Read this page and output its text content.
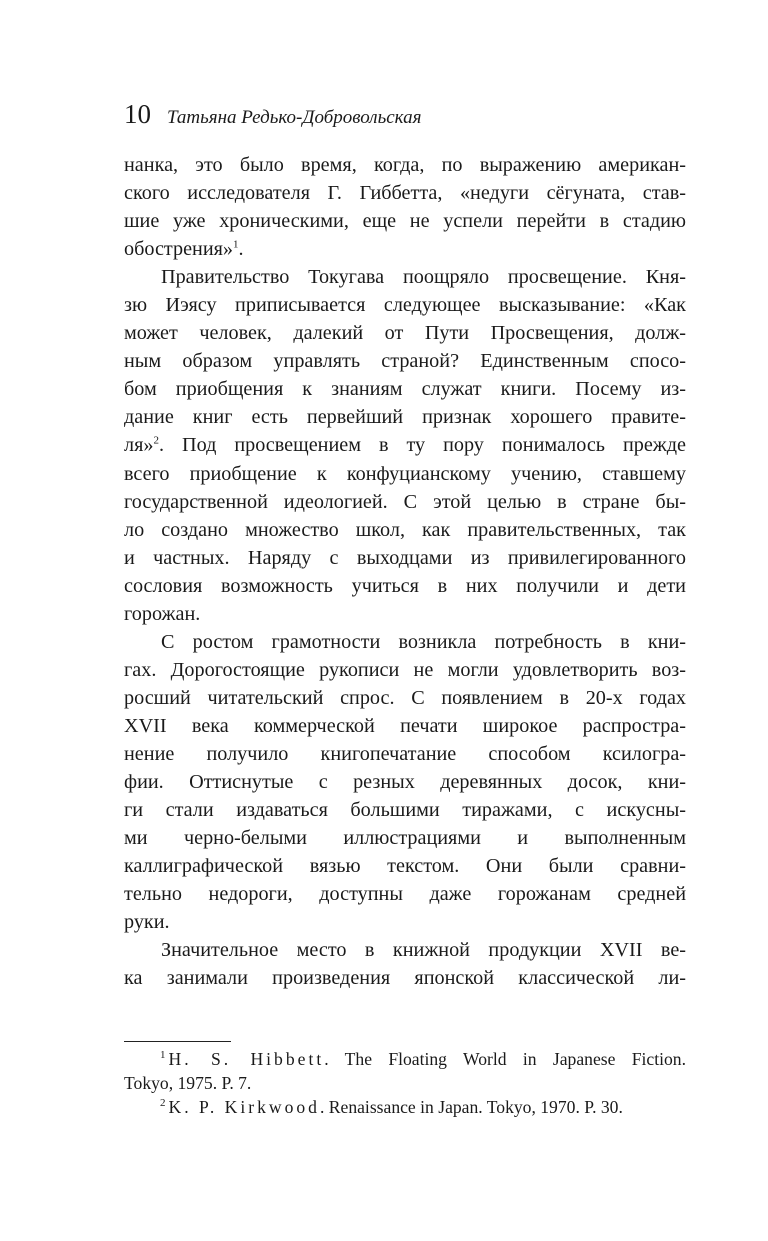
10 Татьяна Редько-Добровольская

нанка, это было время, когда, по выражению американ-
ского исследователя Г. Гиббетта, «недуги сёгуната, став-
шие уже хроническими, еще не успели перейти в стадию
обострения»$^1$.

Правительство Токугава поощряло просвещение. Кня-
зю Иэясу приписывается следующее высказывание: «Как
может человек, далекий от Пути Просвещения, долж-
ным образом управлять страной? Единственным спосо-
бом приобщения к знаниям служат книги. Посему из-
дание книг есть первейший признак хорошего правите-
ля»$^2$. Под просвещением в ту пору понималось прежде
всего приобщение к конфуцианскому учению, ставшему
государственной идеологией. С этой целью в стране бы-
ло создано множество школ, как правительственных, так
и частных. Наряду с выходцами из привилегированного
сословия возможность учиться в них получили и дети
горожан.

С ростом грамотности возникла потребность в кни-
гах. Дорогостоящие рукописи не могли удовлетворить воз-
росший читательский спрос. С появлением в 20-х годах
XVII века коммерческой печати широкое распростра-
нение получило книгопечатание способом ксилогра-
фии. Оттиснутые с резных деревянных досок, кни-
ги стали издаваться большими тиражами, с искусны-
ми черно-белыми иллюстрациями и выполненным
каллиграфической вязью текстом. Они были сравни-
тельно недороги, доступны даже горожанам средней
руки.

Значительное место в книжной продукции XVII ве-
ка занимали произведения японской классической ли-

$^1$ H. S. Hibbett. The Floating World in Japanese Fiction.
Tokyo, 1975. P. 7.

$^2$ K. P. Kirkwood. Renaissance in Japan. Tokyo, 1970. P. 30.
